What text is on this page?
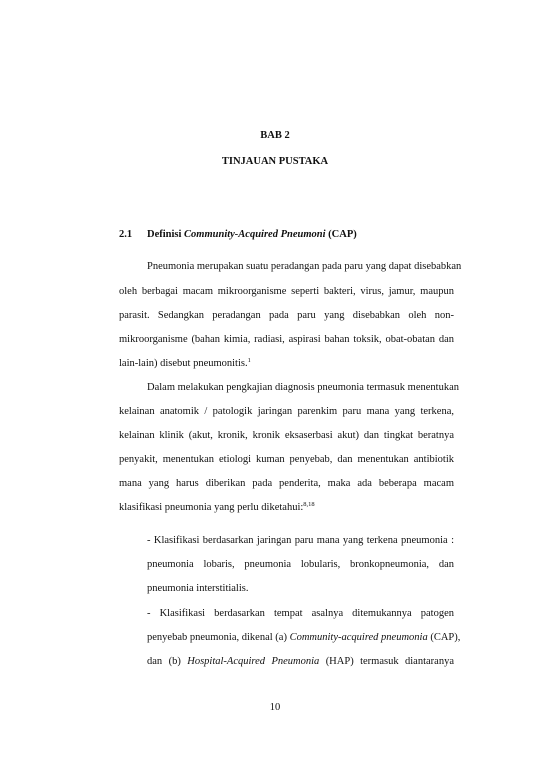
BAB 2
TINJAUAN PUSTAKA
2.1 Definisi Community-Acquired Pneumoni (CAP)
Pneumonia merupakan suatu peradangan pada paru yang dapat disebabkan
oleh berbagai macam mikroorganisme seperti bakteri, virus, jamur, maupun
parasit. Sedangkan peradangan pada paru yang disebabkan oleh non-
mikroorganisme (bahan kimia, radiasi, aspirasi bahan toksik, obat-obatan dan
lain-lain) disebut pneumonitis.$^1$
Dalam melakukan pengkajian diagnosis pneumonia termasuk menentukan
kelainan anatomik / patologik jaringan parenkim paru mana yang terkena,
kelainan klinik (akut, kronik, kronik eksaserbasi akut) dan tingkat beratnya
penyakit, menentukan etiologi kuman penyebab, dan menentukan antibiotik
mana yang harus diberikan pada penderita, maka ada beberapa macam
klasifikasi pneumonia yang perlu diketahui:$^{8,18}$
- Klasifikasi berdasarkan jaringan paru mana yang terkena pneumonia :
pneumonia lobaris, pneumonia lobularis, bronkopneumonia, dan
pneumonia interstitialis.
- Klasifikasi berdasarkan tempat asalnya ditemukannya patogen
penyebab pneumonia, dikenal (a) Community-acquired pneumonia (CAP),
dan (b) Hospital-Acquired Pneumonia (HAP) termasuk diantaranya
10
